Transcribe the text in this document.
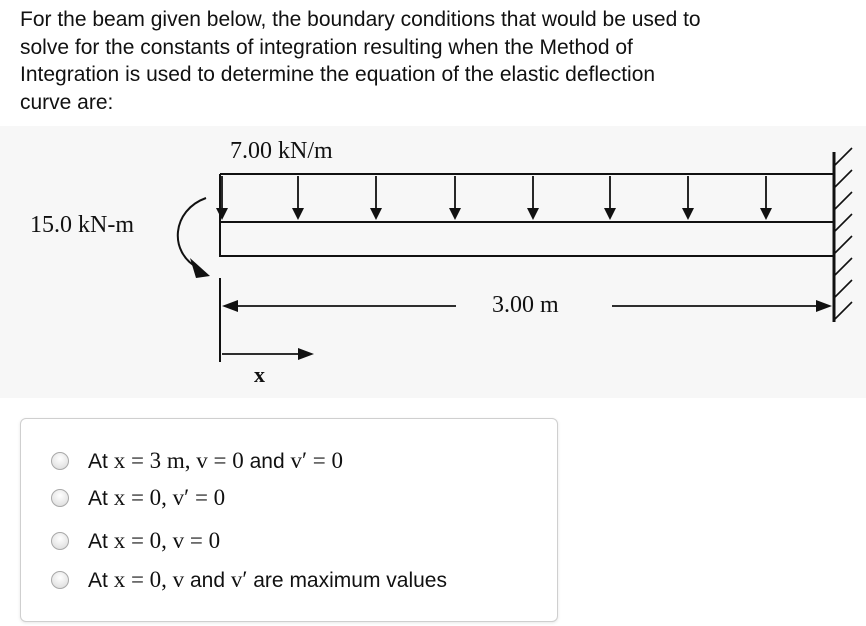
For the beam given below, the boundary conditions that would be used to
solve for the constants of integration resulting when the Method of
Integration is used to determine the equation of the elastic deflection
curve are:
7.00 kN/m
15.0 kN-m
3.00 m
x
At x = 3 m, v = 0 and v′ = 0
At x = 0, v′ = 0
At x = 0, v = 0
At x = 0, v and v′ are maximum values
